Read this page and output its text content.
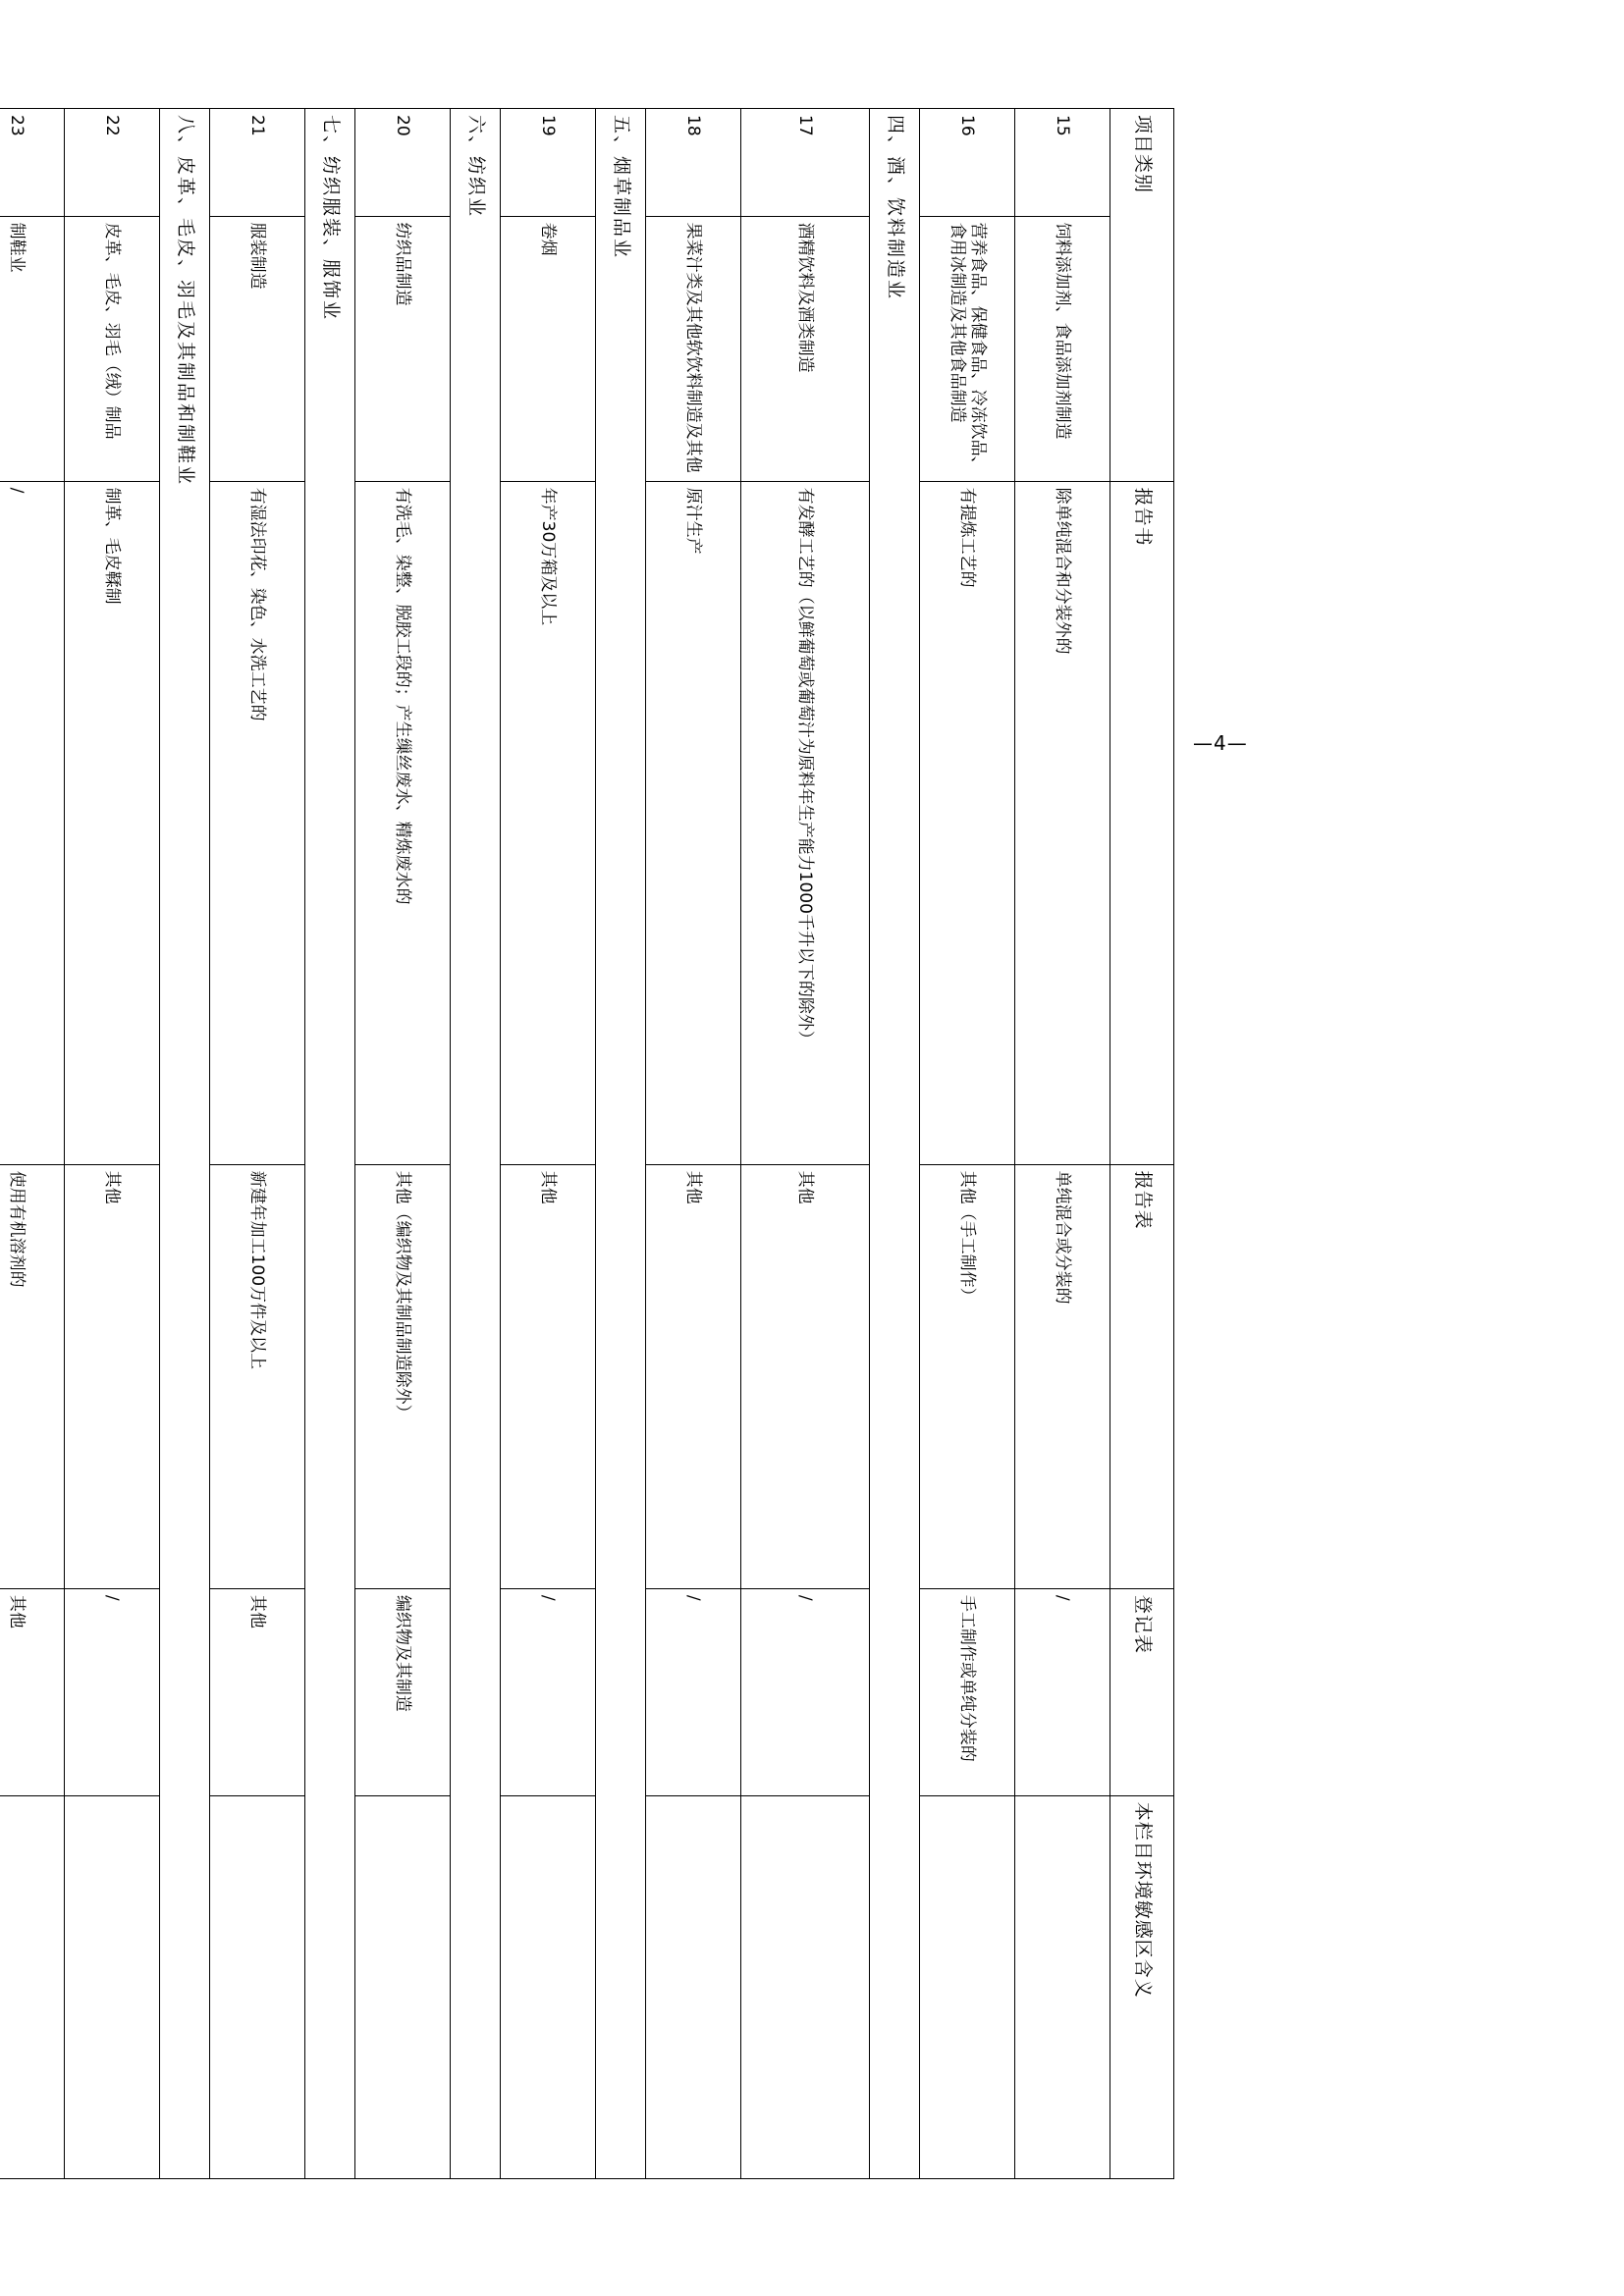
—4—
项目类别		报告书	报告表	登记表	本栏目环境敏感区含义
15	饲料添加剂、食品添加剂制造	除单纯混合和分装外的	单纯混合或分装的	/	
16	营养食品、保健食品、冷冻饮品、食用冰制造及其他食品制造	有提炼工艺的	其他（手工制作）	手工制作或单纯分装的	
四、酒、饮料制造业					
17	酒精饮料及酒类制造	有发酵工艺的（以鲜葡萄或葡萄汁为原料年生产能力1000千升以下的除外）	其他	/	
18	果菜汁类及其他软饮料制造及其他	原汁生产	其他	/	
五、烟草制品业					
19	卷烟	年产30万箱及以上	其他	/	
六、纺织业					
20	纺织品制造	有洗毛、染整、脱胶工段的；产生缫丝废水、精炼废水的	其他（编织物及其制品制造除外）	编织物及其制造	
七、纺织服装、服饰业					
21	服装制造	有湿法印花、染色、水洗工艺的	新建年加工100万件及以上	其他	
八、皮革、毛皮、羽毛及其制品和制鞋业					
22	皮革、毛皮、羽毛（绒）制品	制革、毛皮鞣制	其他	/	
23	制鞋业	/	使用有机溶剂的	其他	
